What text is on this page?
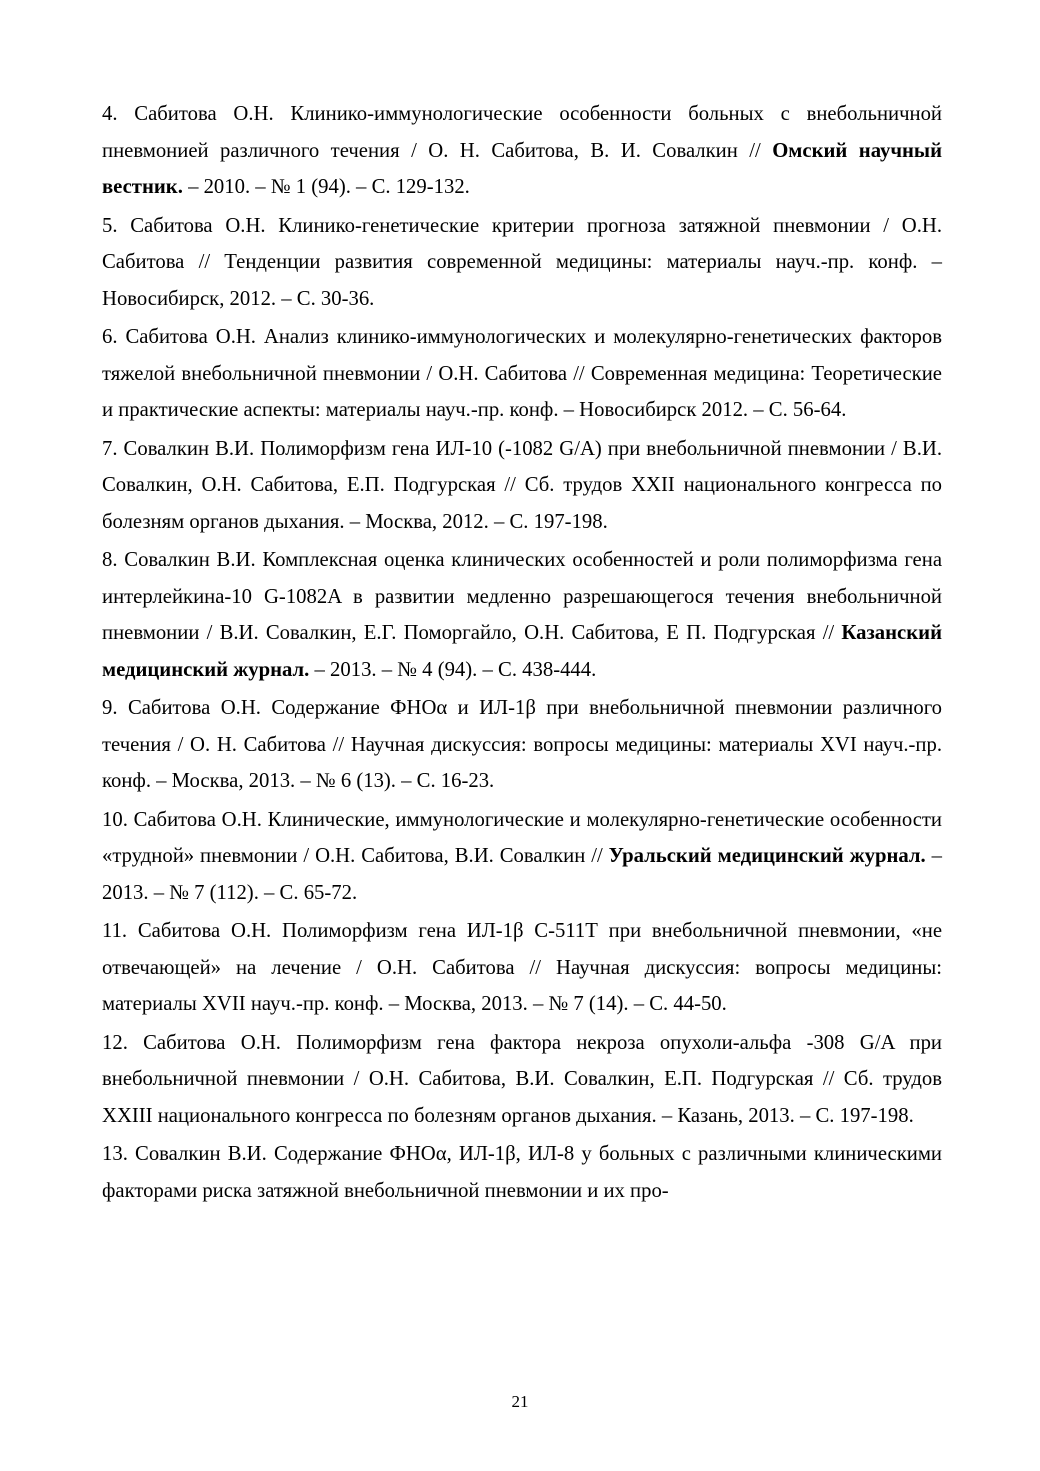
4. Сабитова О.Н. Клинико-иммунологические особенности больных с внебольничной пневмонией различного течения / О. Н. Сабитова, В. И. Совалкин // Омский научный вестник. – 2010. – № 1 (94). – С. 129-132.

5. Сабитова О.Н. Клинико-генетические критерии прогноза затяжной пневмонии / О.Н. Сабитова // Тенденции развития современной медицины: материалы науч.-пр. конф. – Новосибирск, 2012. – С. 30-36.

6. Сабитова О.Н. Анализ клинико-иммунологических и молекулярно-генетических факторов тяжелой внебольничной пневмонии / О.Н. Сабитова // Современная медицина: Теоретические и практические аспекты: материалы науч.-пр. конф. – Новосибирск 2012. – С. 56-64.

7. Совалкин В.И. Полиморфизм гена ИЛ-10 (-1082 G/A) при внебольничной пневмонии / В.И. Совалкин, О.Н. Сабитова, Е.П. Подгурская // Сб. трудов XXII национального конгресса по болезням органов дыхания. – Москва, 2012. – С. 197-198.

8. Совалкин В.И. Комплексная оценка клинических особенностей и роли полиморфизма гена интерлейкина-10 G-1082A в развитии медленно разрешающегося течения внебольничной пневмонии / В.И. Совалкин, Е.Г. Поморгайло, О.Н. Сабитова, Е П. Подгурская // Казанский медицинский журнал. – 2013. – № 4 (94). – С. 438-444.

9. Сабитова О.Н. Содержание ФНОα и ИЛ-1β при внебольничной пневмонии различного течения / О. Н. Сабитова // Научная дискуссия: вопросы медицины: материалы XVI науч.-пр. конф. – Москва, 2013. – № 6 (13). – С. 16-23.

10. Сабитова О.Н. Клинические, иммунологические и молекулярно-генетические особенности «трудной» пневмонии / О.Н. Сабитова, В.И. Совалкин // Уральский медицинский журнал. – 2013. – № 7 (112). – С. 65-72.

11. Сабитова О.Н. Полиморфизм гена ИЛ-1β С-511Т при внебольничной пневмонии, «не отвечающей» на лечение / О.Н. Сабитова // Научная дискуссия: вопросы медицины: материалы XVII науч.-пр. конф. – Москва, 2013. – № 7 (14). – С. 44-50.

12. Сабитова О.Н. Полиморфизм гена фактора некроза опухоли-альфа -308 G/A при внебольничной пневмонии / О.Н. Сабитова, В.И. Совалкин, Е.П. Подгурская // Сб. трудов XXIII национального конгресса по болезням органов дыхания. – Казань, 2013. – С. 197-198.

13. Совалкин В.И. Содержание ФНОα, ИЛ-1β, ИЛ-8 у больных с различными клиническими факторами риска затяжной внебольничной пневмонии и их про-

21
